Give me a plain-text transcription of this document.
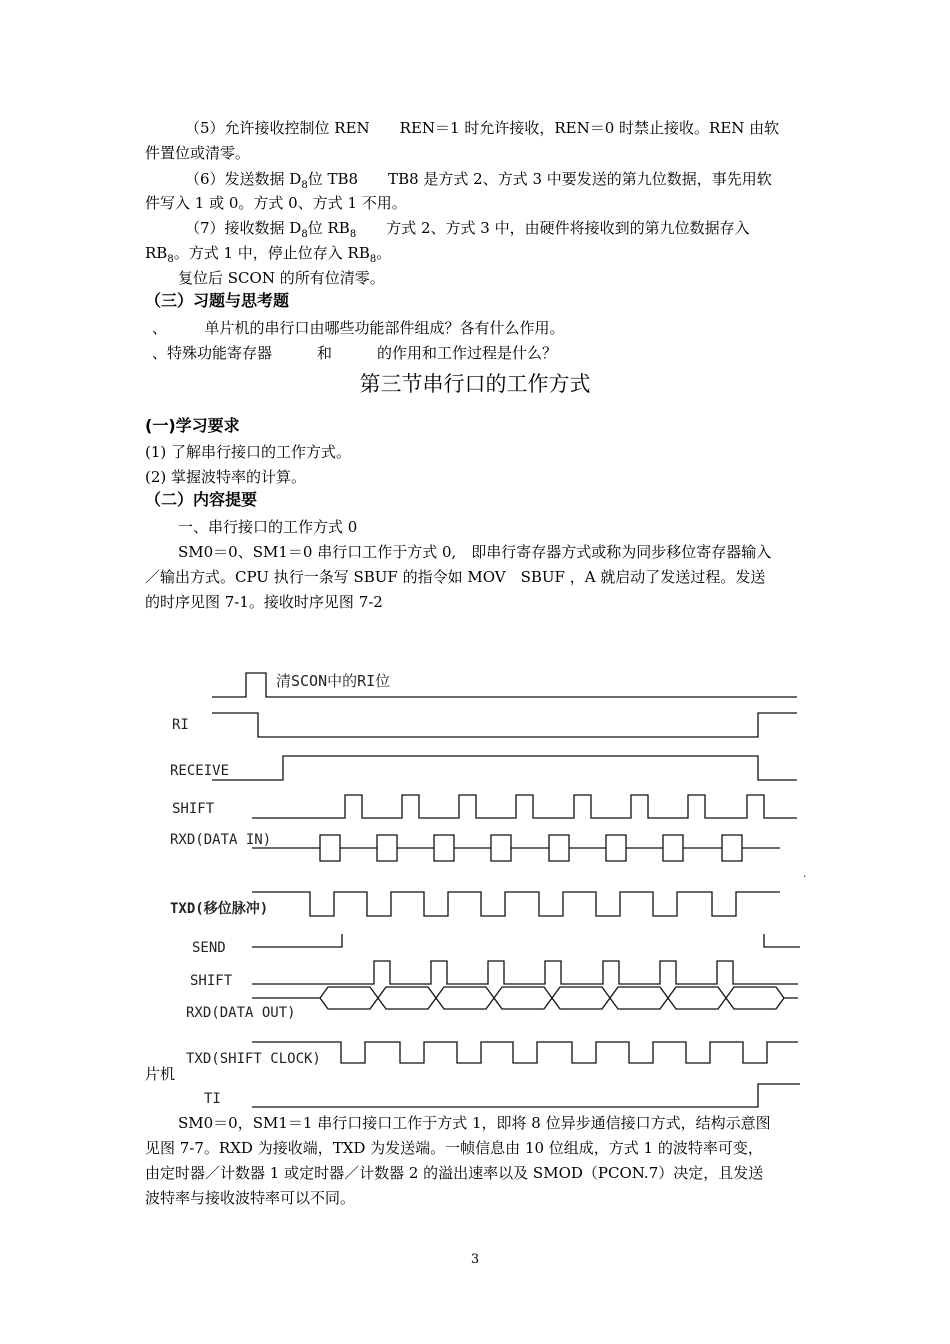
（5）允许接收控制位 REN　　REN＝1 时允许接收，REN＝0 时禁止接收。REN 由软
件置位或清零。
（6）发送数据 $D_8$位 TB8　　TB8 是方式 2、方式 3 中要发送的第九位数据，事先用软
件写入 1 或 0。方式 0、方式 1 不用。
（7）接收数据 $D_8$位 $RB_8$　　方式 2、方式 3 中，由硬件将接收到的第九位数据存入
$RB_8$。方式 1 中，停止位存入 $RB_8$。
复位后 SCON 的所有位清零。
（三）习题与思考题
、　　　单片机的串行口由哪些功能部件组成？各有什么作用。
、特殊功能寄存器　　　和　　　的作用和工作过程是什么？
第三节串行口的工作方式
(一)学习要求
(1) 了解串行接口的工作方式。
(2) 掌握波特率的计算。
（二）内容提要
一、串行接口的工作方式 0
SM0＝0、SM1＝0 串行口工作于方式 0,　即串行寄存器方式或称为同步移位寄存器输入
／输出方式。CPU 执行一条写 SBUF 的指令如 MOV　SBUF ，A 就启动了发送过程。发送
的时序见图 7-1。接收时序见图 7-2
清SCON中的RI位
RI
RECEIVE
SHIFT
RXD(DATA IN)
TXD(移位脉冲)
.
SEND
SHIFT
RXD(DATA OUT)
TXD(SHIFT CLOCK)
TI
片机
SM0＝0，SM1＝1 串行口接口工作于方式 1，即将 8 位异步通信接口方式，结构示意图
见图 7-7。RXD 为接收端，TXD 为发送端。一帧信息由 10 位组成，方式 1 的波特率可变，
由定时器／计数器 1 或定时器／计数器 2 的溢出速率以及 SMOD（PCON.7）决定，且发送
波特率与接收波特率可以不同。
3
